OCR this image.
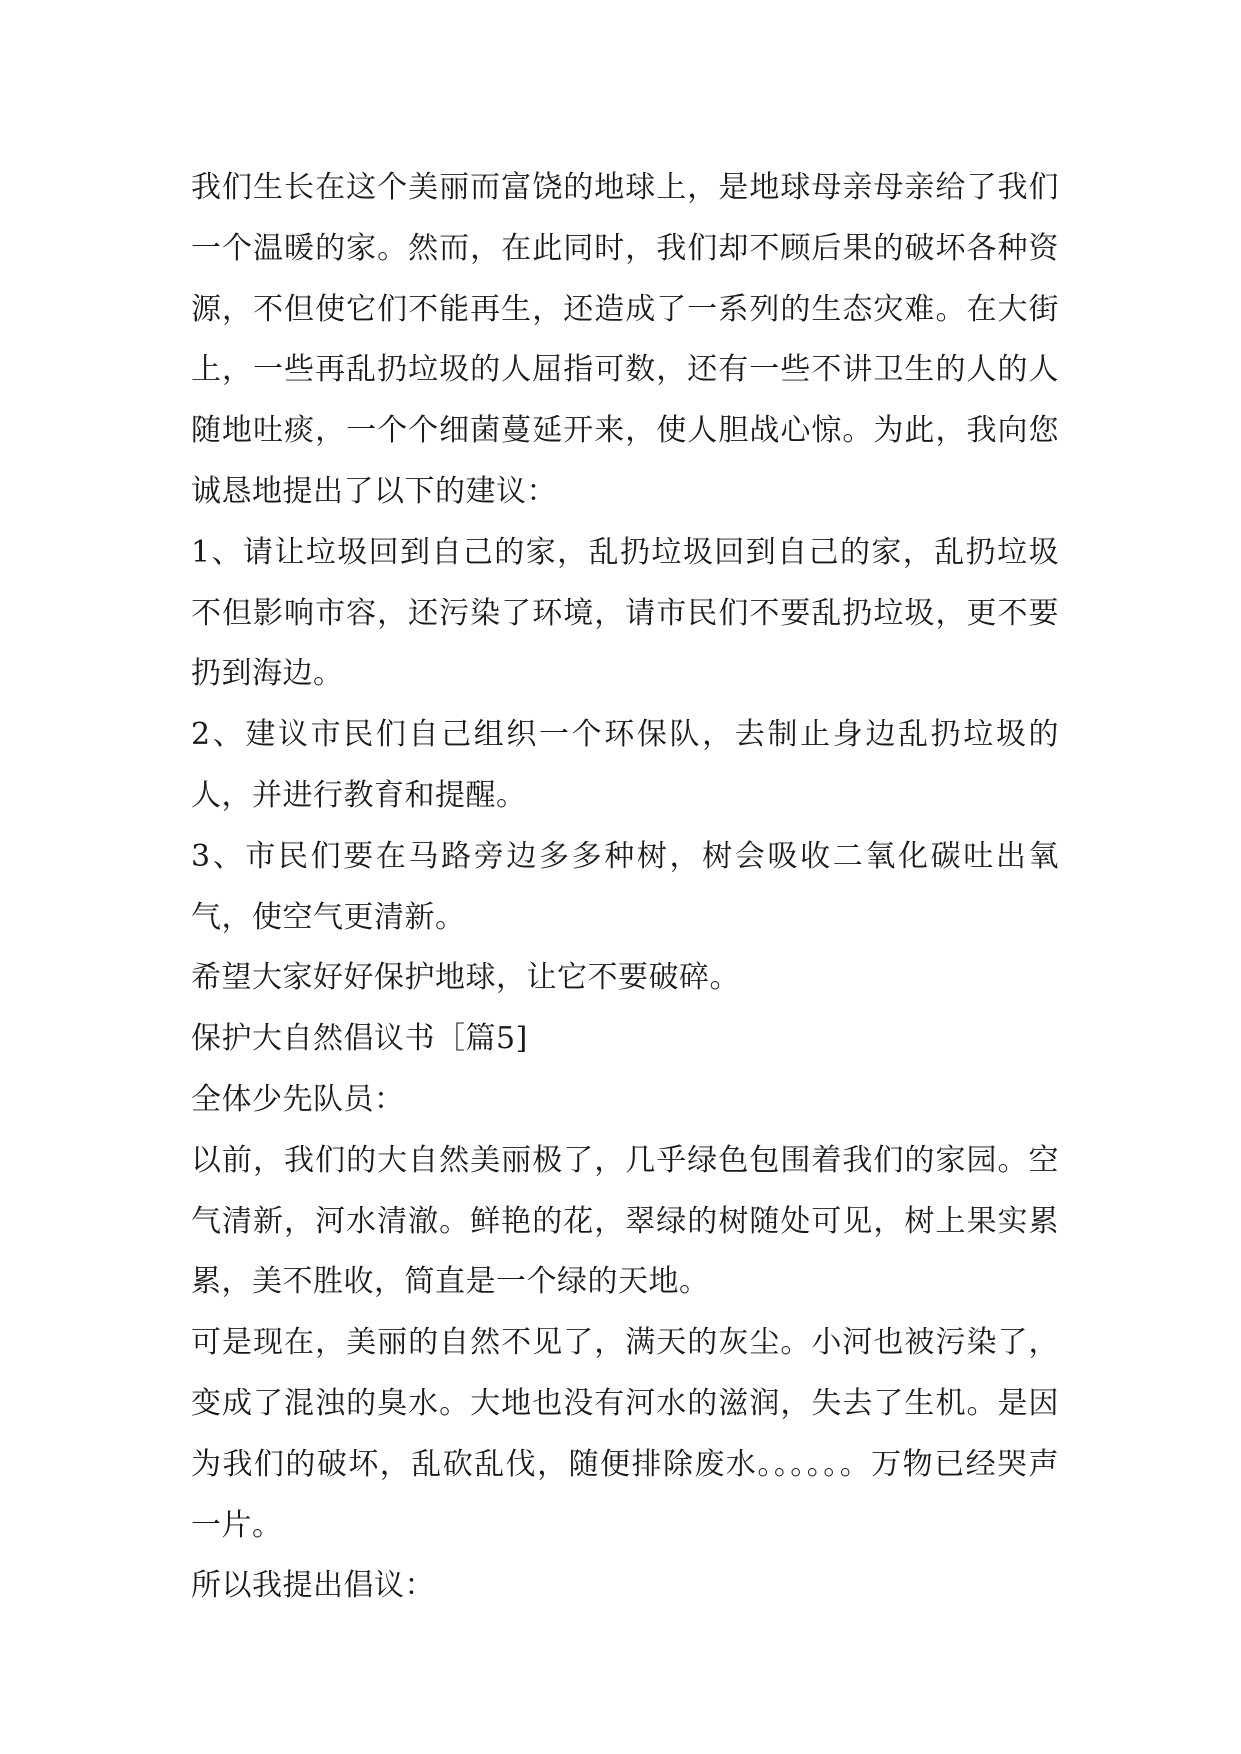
我们生长在这个美丽而富饶的地球上，是地球母亲母亲给了我们一个温暖的家。然而，在此同时，我们却不顾后果的破坏各种资源，不但使它们不能再生，还造成了一系列的生态灾难。在大街上，一些再乱扔垃圾的人屈指可数，还有一些不讲卫生的人的人随地吐痰，一个个细菌蔓延开来，使人胆战心惊。为此，我向您诚恳地提出了以下的建议：

1、请让垃圾回到自己的家，乱扔垃圾回到自己的家，乱扔垃圾不但影响市容，还污染了环境，请市民们不要乱扔垃圾，更不要扔到海边。

2、建议市民们自己组织一个环保队，去制止身边乱扔垃圾的人，并进行教育和提醒。

3、市民们要在马路旁边多多种树，树会吸收二氧化碳吐出氧气，使空气更清新。

希望大家好好保护地球，让它不要破碎。

保护大自然倡议书［篇5]

全体少先队员：

以前，我们的大自然美丽极了，几乎绿色包围着我们的家园。空气清新，河水清澈。鲜艳的花，翠绿的树随处可见，树上果实累累，美不胜收，简直是一个绿的天地。

可是现在，美丽的自然不见了，满天的灰尘。小河也被污染了，变成了混浊的臭水。大地也没有河水的滋润，失去了生机。是因为我们的破坏，乱砍乱伐，随便排除废水。。。。。。万物已经哭声一片。

所以我提出倡议：
